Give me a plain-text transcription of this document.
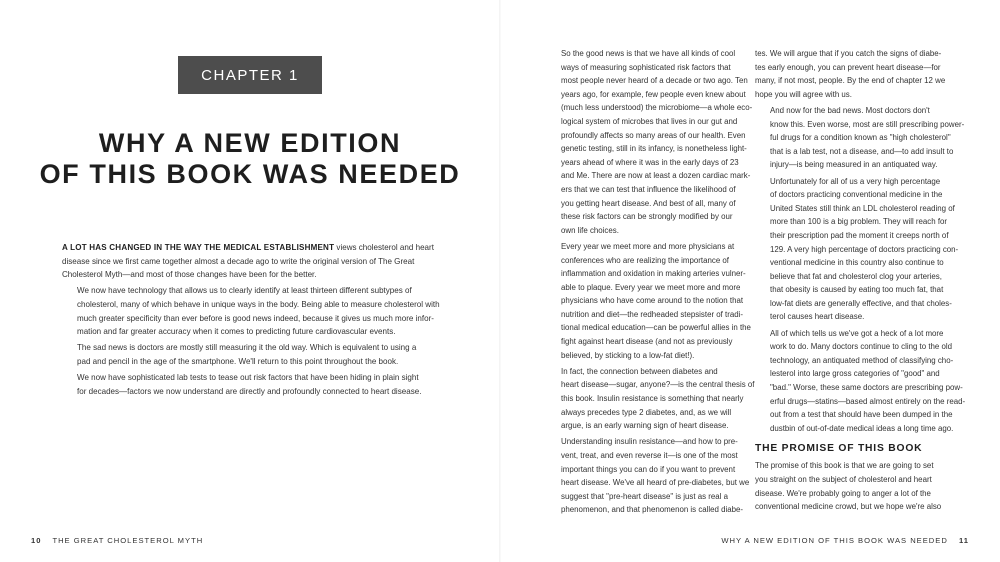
CHAPTER 1
WHY A NEW EDITION
OF THIS BOOK WAS NEEDED
A LOT HAS CHANGED IN THE WAY THE MEDICAL ESTABLISHMENT views cholesterol and heart
disease since we first came together almost a decade ago to write the original version of The Great
Cholesterol Myth—and most of those changes have been for the better.
We now have technology that allows us to clearly identify at least thirteen different subtypes of
cholesterol, many of which behave in unique ways in the body. Being able to measure cholesterol with
much greater specificity than ever before is good news indeed, because it gives us much more infor-
mation and far greater accuracy when it comes to predicting future cardiovascular events.
The sad news is doctors are mostly still measuring it the old way. Which is equivalent to using a
pad and pencil in the age of the smartphone. We'll return to this point throughout the book.
We now have sophisticated lab tests to tease out risk factors that have been hiding in plain sight
for decades—factors we now understand are directly and profoundly connected to heart disease.
10 THE GREAT CHOLESTEROL MYTH
So the good news is that we have all kinds of cool
ways of measuring sophisticated risk factors that
most people never heard of a decade or two ago. Ten
years ago, for example, few people even knew about
(much less understood) the microbiome—a whole eco-
logical system of microbes that lives in our gut and
profoundly affects so many areas of our health. Even
genetic testing, still in its infancy, is nonetheless light-
years ahead of where it was in the early days of 23
and Me. There are now at least a dozen cardiac mark-
ers that we can test that influence the likelihood of
you getting heart disease. And best of all, many of
these risk factors can be strongly modified by our
own life choices.
Every year we meet more and more physicians at
conferences who are realizing the importance of
inflammation and oxidation in making arteries vulner-
able to plaque. Every year we meet more and more
physicians who have come around to the notion that
nutrition and diet—the redheaded stepsister of tradi-
tional medical education—can be powerful allies in the
fight against heart disease (and not as previously
believed, by sticking to a low-fat diet!).
In fact, the connection between diabetes and
heart disease—sugar, anyone?—is the central thesis of
this book. Insulin resistance is something that nearly
always precedes type 2 diabetes, and, as we will
argue, is an early warning sign of heart disease.
Understanding insulin resistance—and how to pre-
vent, treat, and even reverse it—is one of the most
important things you can do if you want to prevent
heart disease. We've all heard of pre-diabetes, but we
suggest that "pre-heart disease" is just as real a
phenomenon, and that phenomenon is called diabe-
tes. We will argue that if you catch the signs of diabe-
tes early enough, you can prevent heart disease—for
many, if not most, people. By the end of chapter 12 we
hope you will agree with us.
And now for the bad news. Most doctors don't
know this. Even worse, most are still prescribing power-
ful drugs for a condition known as "high cholesterol"
that is a lab test, not a disease, and—to add insult to
injury—is being measured in an antiquated way.
Unfortunately for all of us a very high percentage
of doctors practicing conventional medicine in the
United States still think an LDL cholesterol reading of
more than 100 is a big problem. They will reach for
their prescription pad the moment it creeps north of
129. A very high percentage of doctors practicing con-
ventional medicine in this country also continue to
believe that fat and cholesterol clog your arteries,
that obesity is caused by eating too much fat, that
low-fat diets are generally effective, and that choles-
terol causes heart disease.
All of which tells us we've got a heck of a lot more
work to do. Many doctors continue to cling to the old
technology, an antiquated method of classifying cho-
lesterol into large gross categories of "good" and
"bad." Worse, these same doctors are prescribing pow-
erful drugs—statins—based almost entirely on the read-
out from a test that should have been dumped in the
dustbin of out-of-date medical ideas a long time ago.
THE PROMISE OF THIS BOOK
The promise of this book is that we are going to set
you straight on the subject of cholesterol and heart
disease. We're probably going to anger a lot of the
conventional medicine crowd, but we hope we're also
WHY A NEW EDITION OF THIS BOOK WAS NEEDED 11
